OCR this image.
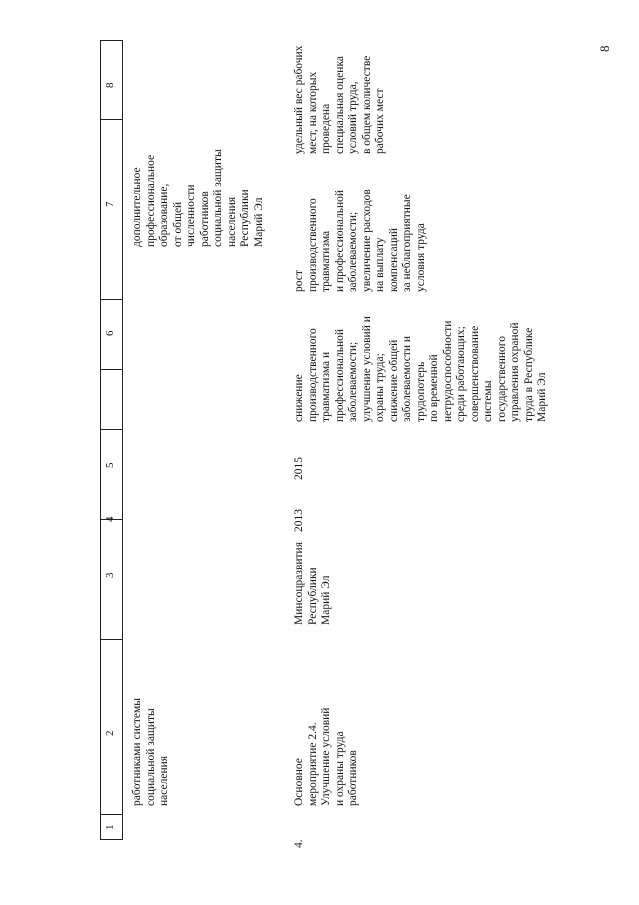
8
1
2
3
4
5
6
7
8
работниками системы
социальной защиты
населения
дополнительное
профессиональное
образование,
от общей
численности
работников
социальной защиты
населения
Республики
Марий Эл
4.
Основное
мероприятие 2.4.
Улучшение условий
и охраны труда
работников
Минсоцразвития
Республики
Марий Эл
2013
2015
снижение
производственного
травматизма и
профессиональной
заболеваемости;
улучшение условий и
охраны труда;
снижение общей
заболеваемости и
трудопотерь
по временной
нетрудоспособности
среди работающих;
совершенствование
системы
государственного
управления охраной
труда в Республике
Марий Эл
рост
производственного
травматизма
и профессиональной
заболеваемости;
увеличение расходов
на выплату
компенсаций
за неблагоприятные
условия труда
удельный вес рабочих
мест, на которых
проведена
специальная оценка
условий труда,
в общем количестве
рабочих мест
